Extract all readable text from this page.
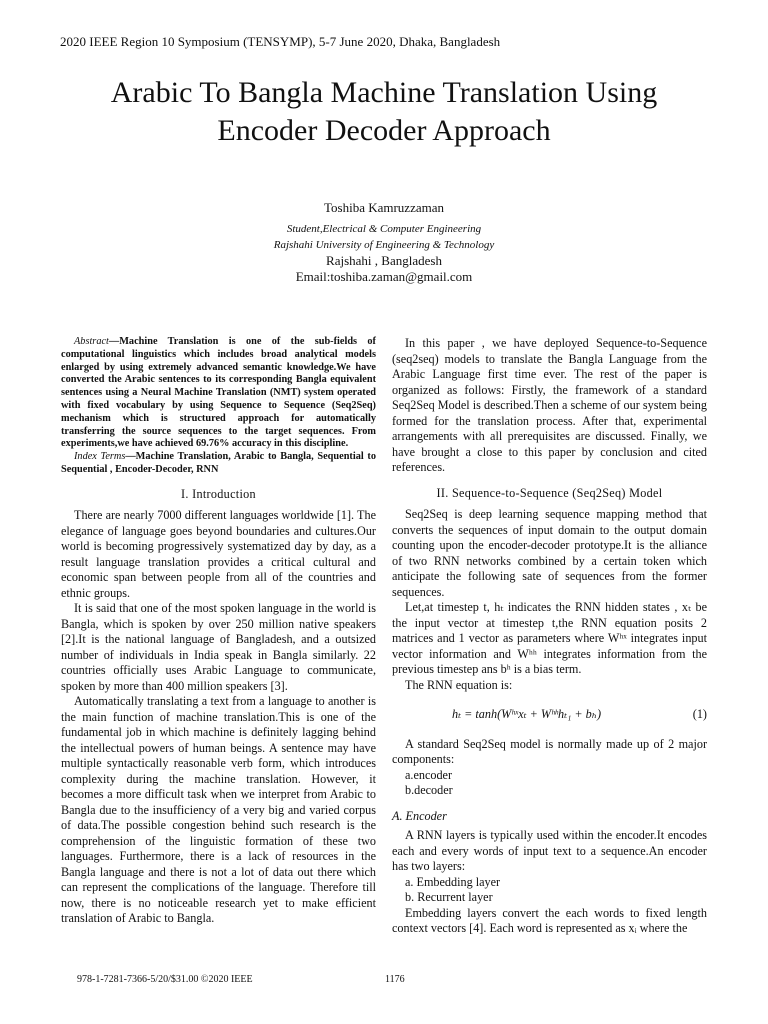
2020 IEEE Region 10 Symposium (TENSYMP), 5-7 June 2020, Dhaka, Bangladesh
Arabic To Bangla Machine Translation Using
Encoder Decoder Approach
Toshiba Kamruzzaman
Student,Electrical & Computer Engineering
Rajshahi University of Engineering & Technology
Rajshahi , Bangladesh
Email:toshiba.zaman@gmail.com

Abstract—Machine Translation is one of the sub-fields of computational linguistics which includes broad analytical models enlarged by using extremely advanced semantic knowledge.We have converted the Arabic sentences to its corresponding Bangla equivalent sentences using a Neural Machine Translation (NMT) system operated with fixed vocabulary by using Sequence to Sequence (Seq2Seq) mechanism which is structured approach for automatically transferring the source sequences to the target sequences. From experiments,we have achieved 69.76% accuracy in this discipline.

Index Terms—Machine Translation, Arabic to Bangla, Sequential to Sequential , Encoder-Decoder, RNN

I. Introduction

There are nearly 7000 different languages worldwide [1]. The elegance of language goes beyond boundaries and cultures.Our world is becoming progressively systematized day by day, as a result language translation provides a critical cultural and economic span between people from all of the countries and ethnic groups.

It is said that one of the most spoken language in the world is Bangla, which is spoken by over 250 million native speakers [2].It is the national language of Bangladesh, and a outsized number of individuals in India speak in Bangla similarly. 22 countries officially uses Arabic Language to communicate, spoken by more than 400 million speakers [3].

Automatically translating a text from a language to another is the main function of machine translation.This is one of the fundamental job in which machine is definitely lagging behind the intellectual powers of human beings. A sentence may have multiple syntactically reasonable verb form, which introduces complexity during the machine translation. However, it becomes a more difficult task when we interpret from Arabic to Bangla due to the insufficiency of a very big and varied corpus of data.The possible congestion behind such research is the comprehension of the linguistic formation of these two languages. Furthermore, there is a lack of resources in the Bangla language and there is not a lot of data out there which can represent the complications of the language. Therefore till now, there is no noticeable research yet to make efficient translation of Arabic to Bangla.

In this paper , we have deployed Sequence-to-Sequence (seq2seq) models to translate the Bangla Language from the Arabic Language first time ever. The rest of the paper is organized as follows: Firstly, the framework of a standard Seq2Seq Model is described.Then a scheme of our system being formed for the translation process. After that, experimental arrangements with all prerequisites are discussed. Finally, we have brought a close to this paper by conclusion and cited references.

II. Sequence-to-Sequence (Seq2Seq) Model

Seq2Seq is deep learning sequence mapping method that converts the sequences of input domain to the output domain counting upon the encoder-decoder prototype.It is the alliance of two RNN networks combined by a certain token which anticipate the following sate of sequences from the former sequences.

Let,at timestep t, hₜ indicates the RNN hidden states , xₜ be the input vector at timestep t,the RNN equation posits 2 matrices and 1 vector as parameters where Wʰˣ integrates input vector information and Wʰʰ integrates information from the previous timestep ans bʰ is a bias term.

The RNN equation is:

hₜ = tanh(Wʰˣxₜ + Wʰʰhₜ₁ + bₕ)	(1)

A standard Seq2Seq model is normally made up of 2 major components:

a.encoder

b.decoder

A. Encoder

A RNN layers is typically used within the encoder.It encodes each and every words of input text to a sequence.An encoder has two layers:

a. Embedding layer

b. Recurrent layer

Embedding layers convert the each words to fixed length context vectors [4]. Each word is represented as xᵢ where the

978-1-7281-7366-5/20/$31.00 ©2020 IEEE	1176
